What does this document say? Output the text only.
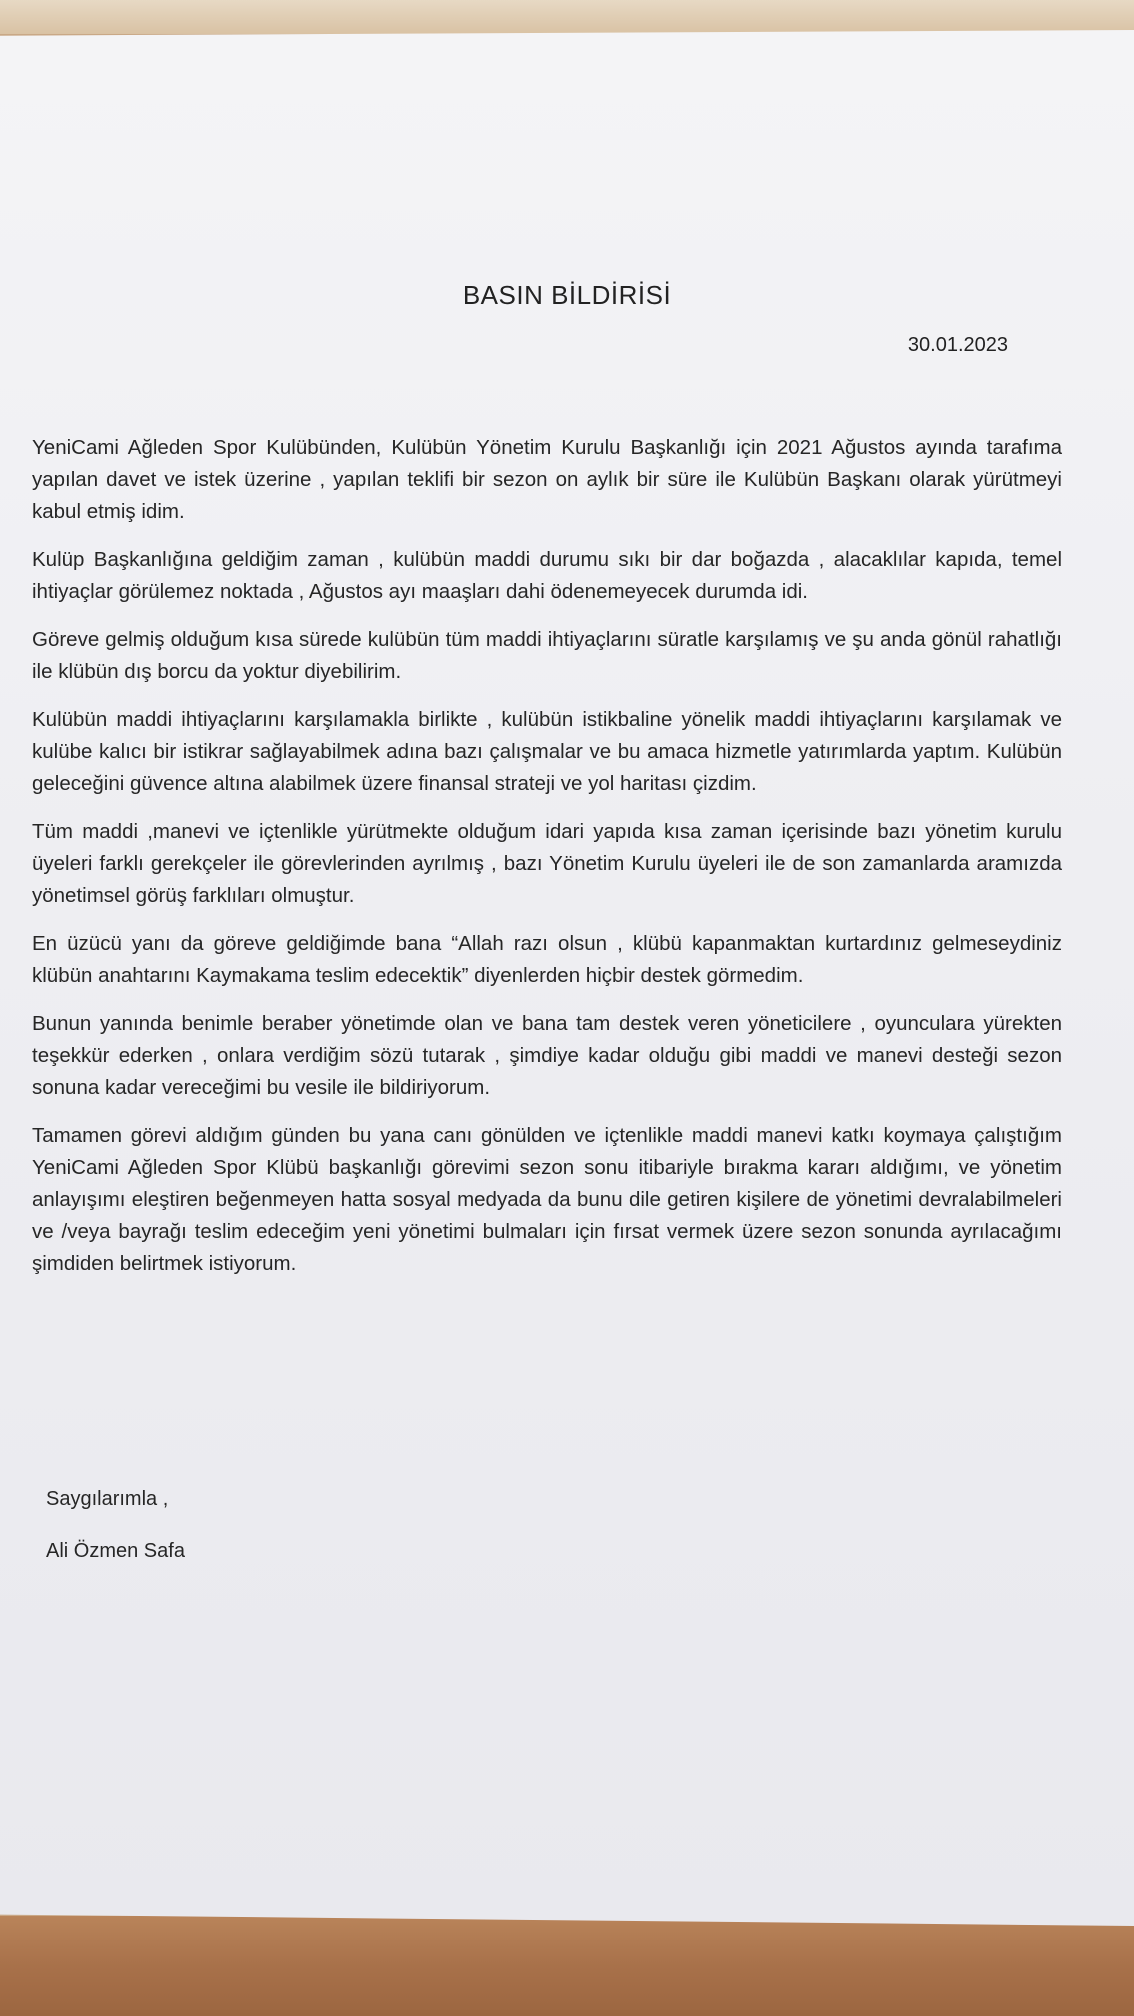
BASIN BİLDİRİSİ
30.01.2023

YeniCami Ağleden Spor Kulübünden, Kulübün Yönetim Kurulu Başkanlığı için 2021 Ağustos ayında tarafıma yapılan davet ve istek üzerine , yapılan teklifi bir sezon on aylık bir süre ile Kulübün Başkanı olarak yürütmeyi kabul etmiş idim.

Kulüp Başkanlığına geldiğim zaman , kulübün maddi durumu sıkı bir dar boğazda , alacaklılar kapıda, temel ihtiyaçlar görülemez noktada , Ağustos ayı maaşları dahi ödenemeyecek durumda idi.

Göreve gelmiş olduğum kısa sürede kulübün tüm maddi ihtiyaçlarını süratle karşılamış ve şu anda gönül rahatlığı ile klübün dış borcu da yoktur diyebilirim.

Kulübün maddi ihtiyaçlarını karşılamakla birlikte , kulübün istikbaline yönelik maddi ihtiyaçlarını karşılamak ve kulübe kalıcı bir istikrar sağlayabilmek adına bazı çalışmalar ve bu amaca hizmetle yatırımlarda yaptım. Kulübün geleceğini güvence altına alabilmek üzere finansal strateji ve yol haritası çizdim.

Tüm maddi ,manevi ve içtenlikle yürütmekte olduğum idari yapıda kısa zaman içerisinde bazı yönetim kurulu üyeleri farklı gerekçeler ile görevlerinden ayrılmış , bazı Yönetim Kurulu üyeleri ile de son zamanlarda aramızda yönetimsel görüş farklıları olmuştur.

En üzücü yanı da göreve geldiğimde bana “Allah razı olsun , klübü kapanmaktan kurtardınız gelmeseydiniz klübün anahtarını Kaymakama teslim edecektik” diyenlerden hiçbir destek görmedim.

Bunun yanında benimle beraber yönetimde olan ve bana tam destek veren yöneticilere , oyunculara yürekten teşekkür ederken , onlara verdiğim sözü tutarak , şimdiye kadar olduğu gibi maddi ve manevi desteği sezon sonuna kadar vereceğimi bu vesile ile bildiriyorum.

Tamamen görevi aldığım günden bu yana canı gönülden ve içtenlikle maddi manevi katkı koymaya çalıştığım YeniCami Ağleden Spor Klübü başkanlığı görevimi sezon sonu itibariyle bırakma kararı aldığımı, ve yönetim anlayışımı eleştiren beğenmeyen hatta sosyal medyada da bunu dile getiren kişilere de yönetimi devralabilmeleri ve /veya bayrağı teslim edeceğim yeni yönetimi bulmaları için fırsat vermek üzere sezon sonunda ayrılacağımı şimdiden belirtmek istiyorum.

Saygılarımla ,
Ali Özmen Safa
